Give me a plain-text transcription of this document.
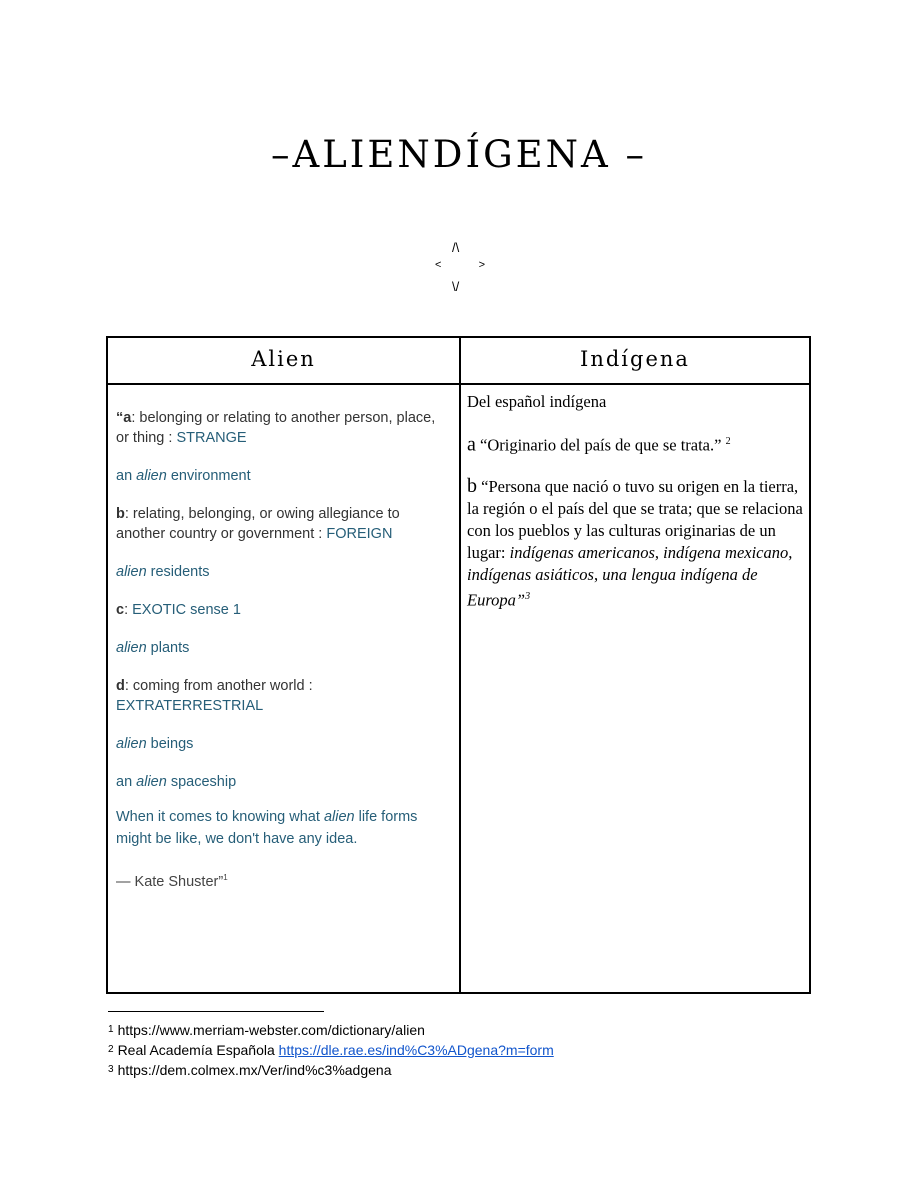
–ALIENDÍGENA –
/\
<	>
\/
Alien	Indígena

“a: belonging or relating to another person, place, or thing : STRANGE

an alien environment

b: relating, belonging, or owing allegiance to another country or government : FOREIGN

alien residents

c: EXOTIC sense 1

alien plants

d: coming from another world : EXTRATERRESTRIAL

alien beings

an alien spaceship

When it comes to knowing what alien life forms might be like, we don't have any idea.

— Kate Shuster”$^1$

Del español indígena

a “Originario del país de que se trata.” $^2$

b “Persona que nació o tuvo su origen en la tierra, la región o el país del que se trata; que se relaciona con los pueblos y las culturas originarias de un lugar: indígenas americanos, indígena mexicano, indígenas asiáticos, una lengua indígena de Europa”$^3$

$^1$ https://www.merriam-webster.com/dictionary/alien
$^2$ Real Academía Española https://dle.rae.es/ind%C3%ADgena?m=form
$^3$ https://dem.colmex.mx/Ver/ind%c3%adgena
